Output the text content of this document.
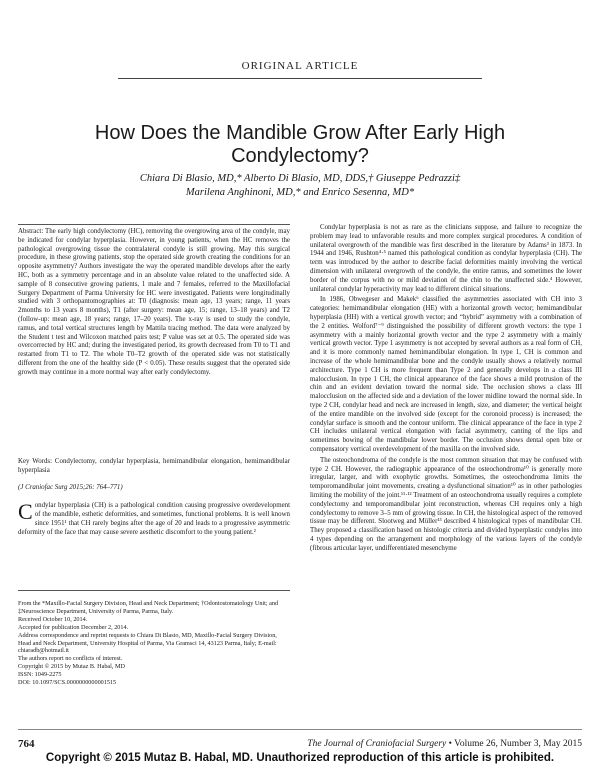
ORIGINAL ARTICLE
How Does the Mandible Grow After Early High Condylectomy?
Chiara Di Blasio, MD,* Alberto Di Blasio, MD, DDS,† Giuseppe Pedrazzi‡
Marilena Anghinoni, MD,* and Enrico Sesenna, MD*

Abstract: The early high condylectomy (HC), removing the overgrowing area of the condyle, may be indicated for condylar hyperplasia. However, in young patients, when the HC removes the pathological overgrowing tissue the contralateral condyle is still growing. May this surgical procedure, in these growing patients, stop the operated side growth creating the conditions for an opposite asymmetry? Authors investigate the way the operated mandible develops after the early HC, both as a symmetry percentage and in an absolute value related to the unaffected side. A sample of 8 consecutive growing patients, 1 male and 7 females, referred to the Maxillofacial Surgery Department of Parma University for HC were investigated. Patients were longitudinally studied with 3 orthopantomographies at: T0 (diagnosis: mean age, 13 years; range, 11 years 2months to 13 years 8 months), T1 (after surgery: mean age, 15; range, 13–18 years) and T2 (follow-up: mean age, 18 years; range, 17–20 years). The x-ray is used to study the condyle, ramus, and total vertical structures length by Mattila tracing method. The data were analyzed by the Student t test and Wilcoxon matched pairs test; P value was set at 0.5. The operated side was overcorrected by HC and; during the investigated period, its growth decreased from T0 to T1 and restarted from T1 to T2. The whole T0–T2 growth of the operated side was not statistically different from the one of the healthy side (P < 0.05). These results suggest that the operated side growth may continue in a more normal way after early condylectomy.

Key Words: Condylectomy, condylar hyperplasia, hemimandibular elongation, hemimandibular hyperplasia

(J Craniofac Surg 2015;26: 764–771)

C ondylar hyperplasia (CH) is a pathological condition causing progressive overdevelopment of the mandible, esthetic deformities, and sometimes, functional problems. It is well known since 1951¹ that CH rarely begins after the age of 20 and leads to a progressive asymmetric deformity of the face that may cause severe aesthetic discomfort to the young patient.²

From the *Maxillo-Facial Surgery Division, Head and Neck Department; †Odontostomatology Unit; and ‡Neuroscience Department, University of Parma, Parma, Italy.

Received October 10, 2014.

Accepted for publication December 2, 2014.

Address correspondence and reprint requests to Chiara Di Blasio, MD, Maxillo-Facial Surgery Division, Head and Neck Department, University Hospital of Parma, Via Gramsci 14, 43123 Parma, Italy; E-mail: chiaradb@hotmail.it

The authors report no conflicts of interest.

Copyright © 2015 by Mutaz B. Habal, MD

ISSN: 1049-2275

DOI: 10.1097/SCS.0000000000001515

Condylar hyperplasia is not as rare as the clinicians suppose, and failure to recognize the problem may lead to unfavorable results and more complex surgical procedures. A condition of unilateral overgrowth of the mandible was first described in the literature by Adams³ in 1873. In 1944 and 1946, Rushton⁴·⁵ named this pathological condition as condylar hyperplasia (CH). The term was introduced by the author to describe facial deformities mainly involving the vertical dimension with unilateral overgrowth of the condyle, the entire ramus, and sometimes the lower border of the corpus with no or mild deviation of the chin to the unaffected side.⁴ However, unilateral condylar hyperactivity may lead to different clinical situations.

In 1986, Obwegeser and Makek⁶ classified the asymmetries associated with CH into 3 categories: hemimandibular elongation (HE) with a horizontal growth vector; hemimandibular hyperplasia (HH) with a vertical growth vector; and “hybrid” asymmetry with a combination of the 2 entities. Wolford⁷⁻⁹ distinguished the possibility of different growth vectors: the type 1 asymmetry with a mainly horizontal growth vector and the type 2 asymmetry with a mainly vertical growth vector. Type 1 asymmetry is not accepted by several authors as a real form of CH, and it is more commonly named hemimandibular elongation. In type 1, CH is common and increase of the whole hemimandibular bone and the condyle usually shows a relatively normal architecture. Type 1 CH is more frequent than Type 2 and generally develops in a class III malocclusion. In type 1 CH, the clinical appearance of the face shows a mild protrusion of the chin and an evident deviation toward the normal side. The occlusion shows a class III malocclusion on the affected side and a deviation of the lower midline toward the normal side. In type 2 CH, condylar head and neck are increased in length, size, and diameter; the vertical height of the entire mandible on the involved side (except for the coronoid process) is increased; the condylar surface is smooth and the contour uniform. The clinical appearance of the face in type 2 CH includes unilateral vertical elongation with facial asymmetry, canting of the lips and sometimes bowing of the mandibular lower border. The occlusion shows dental open bite or compensatory vertical overdevelopment of the maxilla on the involved side.

The osteochondroma of the condyle is the most common situation that may be confused with type 2 CH. However, the radiographic appearance of the osteochondroma¹⁰ is generally more irregular, larger, and with exophytic growths. Sometimes, the osteochondroma limits the temporomandibular joint movements, creating a dysfunctional situation¹⁰ as in other pathologies limiting the mobility of the joint.¹¹·¹² Treatment of an osteochondroma usually requires a complete condylectomy and temporomandibular joint reconstruction, whereas CH requires only a high condylectomy to remove 3–5 mm of growing tissue. In CH, the histological aspect of the removed tissue may be different. Slootweg and Müller¹³ described 4 histological types of mandibular CH. They proposed a classification based on histologic criteria and divided hyperplastic condyles into 4 types depending on the arrangement and morphology of the various layers of the condyle (fibrous articular layer, undifferentiated mesenchyme

764	The Journal of Craniofacial Surgery • Volume 26, Number 3, May 2015
Copyright © 2015 Mutaz B. Habal, MD. Unauthorized reproduction of this article is prohibited.
